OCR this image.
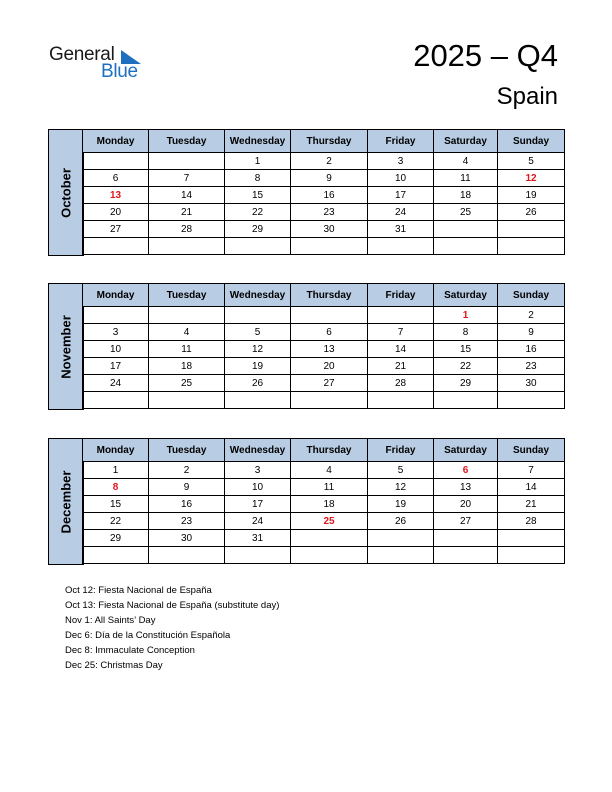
General
Blue	2025 – Q4
Spain
October
Monday	Tuesday	Wednesday	Thursday	Friday	Saturday	Sunday
		1	2	3	4	5
6	7	8	9	10	11	12
13	14	15	16	17	18	19
20	21	22	23	24	25	26
27	28	29	30	31		

November
Monday	Tuesday	Wednesday	Thursday	Friday	Saturday	Sunday
					1	2
3	4	5	6	7	8	9
10	11	12	13	14	15	16
17	18	19	20	21	22	23
24	25	26	27	28	29	30

December
Monday	Tuesday	Wednesday	Thursday	Friday	Saturday	Sunday
1	2	3	4	5	6	7
8	9	10	11	12	13	14
15	16	17	18	19	20	21
22	23	24	25	26	27	28
29	30	31				

Oct 12: Fiesta Nacional de España
Oct 13: Fiesta Nacional de España (substitute day)
Nov 1: All Saints’ Day
Dec 6: Día de la Constitución Española
Dec 8: Immaculate Conception
Dec 25: Christmas Day
